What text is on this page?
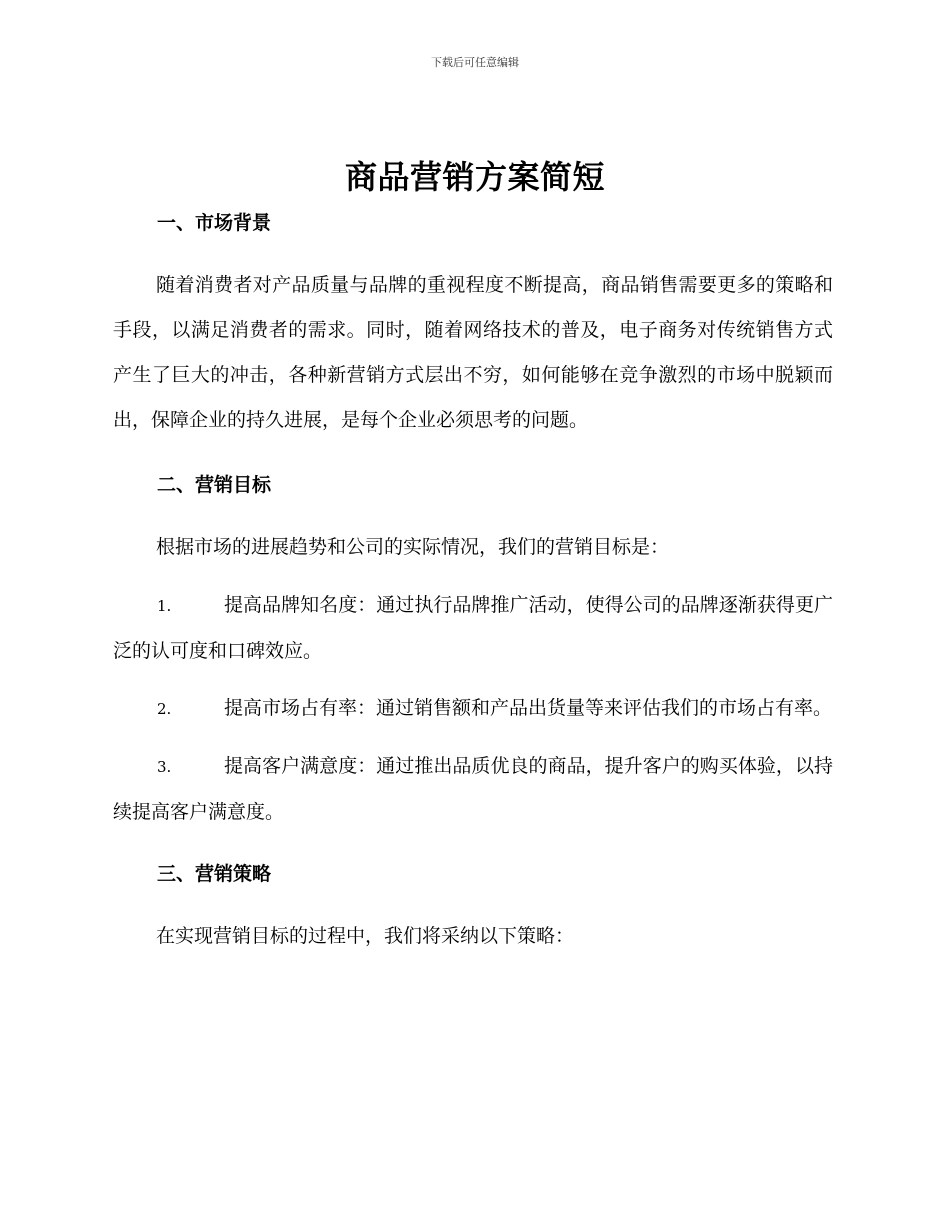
下载后可任意编辑
商品营销方案简短
一、市场背景
随着消费者对产品质量与品牌的重视程度不断提高，商品销售需要更多的策略和手段，以满足消费者的需求。同时，随着网络技术的普及，电子商务对传统销售方式产生了巨大的冲击，各种新营销方式层出不穷，如何能够在竞争激烈的市场中脱颖而出，保障企业的持久进展，是每个企业必须思考的问题。
二、营销目标
根据市场的进展趋势和公司的实际情况，我们的营销目标是：
1.	提高品牌知名度：通过执行品牌推广活动，使得公司的品牌逐渐获得更广泛的认可度和口碑效应。
2.	提高市场占有率：通过销售额和产品出货量等来评估我们的市场占有率。
3.	提高客户满意度：通过推出品质优良的商品，提升客户的购买体验，以持续提高客户满意度。
三、营销策略
在实现营销目标的过程中，我们将采纳以下策略：
